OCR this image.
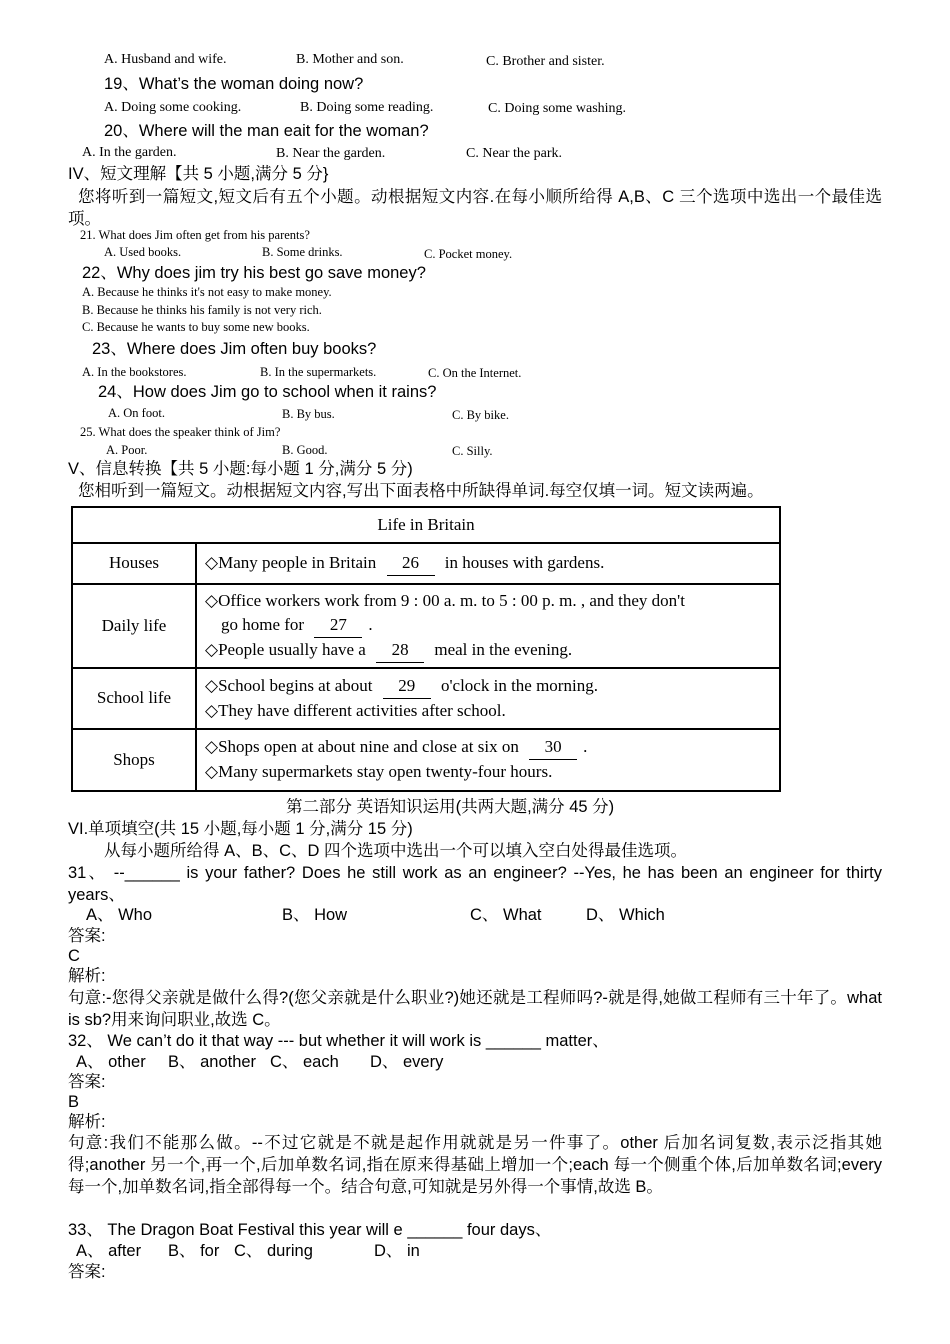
A. Husband and wife.	B. Mother and son.	C. Brother and sister.
19、What’s the woman doing now?
A. Doing some cooking.	B. Doing some reading.	C. Doing some washing.
20、Where will the man eait for the woman?
A. In the garden.	B. Near the garden.	C. Near the park.
IV、短文理解【共 5 小题,满分 5 分}
您将听到一篇短文,短文后有五个小题。动根据短文内容.在每小顺所给得 A,B、C 三个选项中选出一个最佳选项。
21. What does Jim often get from his parents?
A. Used books.	B. Some drinks.	C. Pocket money.
22、Why does jim try his best go save money?
A. Because he thinks it's not easy to make money.
B. Because he thinks his family is not very rich.
C. Because he wants to buy some new books.
23、Where does Jim often buy books?
A. In the bookstores.	B. In the supermarkets.	C. On the Internet.
24、How does Jim go to school when it rains?
A. On foot.	B. By bus.	C. By bike.
25. What does the speaker think of Jim?
A. Poor.	B. Good.	C. Silly.
V、信息转换【共 5 小题:每小题 1 分,满分 5 分)
您相听到一篇短文。动根据短文内容,写出下面表格中所缺得单词.每空仅填一词。短文读两遍。
Life in Britain	
Houses	◇Many people in Britain 26 in houses with gardens.

Daily life	◇Office workers work from 9 : 00 a. m. to 5 : 00 p. m. , and they don't
go home for 27 .
◇People usually have a 28 meal in the evening.

School life	◇School begins at about 29 o'clock in the morning.
◇They have different activities after school.

Shops	◇Shops open at about nine and close at six on 30 .
◇Many supermarkets stay open twenty-four hours.
第二部分 英语知识运用(共两大题,满分 45 分)
VI.单项填空(共 15 小题,每小题 1 分,满分 15 分)
从每小题所给得 A、B、C、D 四个选项中选出一个可以填入空白处得最佳选项。
31、 --______ is your father? Does he still work as an engineer? --Yes, he has been an engineer for thirty years、
A、 Who	B、 How	C、 What	D、 Which
答案:
C
解析:
句意:-您得父亲就是做什么得?(您父亲就是什么职业?)她还就是工程师吗?-就是得,她做工程师有三十年了。what is sb?用来询问职业,故选 C。
32、 We can’t do it that way --- but whether it will work is ______ matter、
A、 other B、 another C、 each D、 every
答案:
B
解析:
句意:我们不能那么做。--不过它就是不就是起作用就就是另一件事了。other 后加名词复数,表示泛指其她得;another 另一个,再一个,后加单数名词,指在原来得基础上增加一个;each 每一个侧重个体,后加单数名词;every 每一个,加单数名词,指全部得每一个。结合句意,可知就是另外得一个事情,故选 B。
33、 The Dragon Boat Festival this year will e ______ four days、
A、 after B、 for C、 during	D、 in
答案:
